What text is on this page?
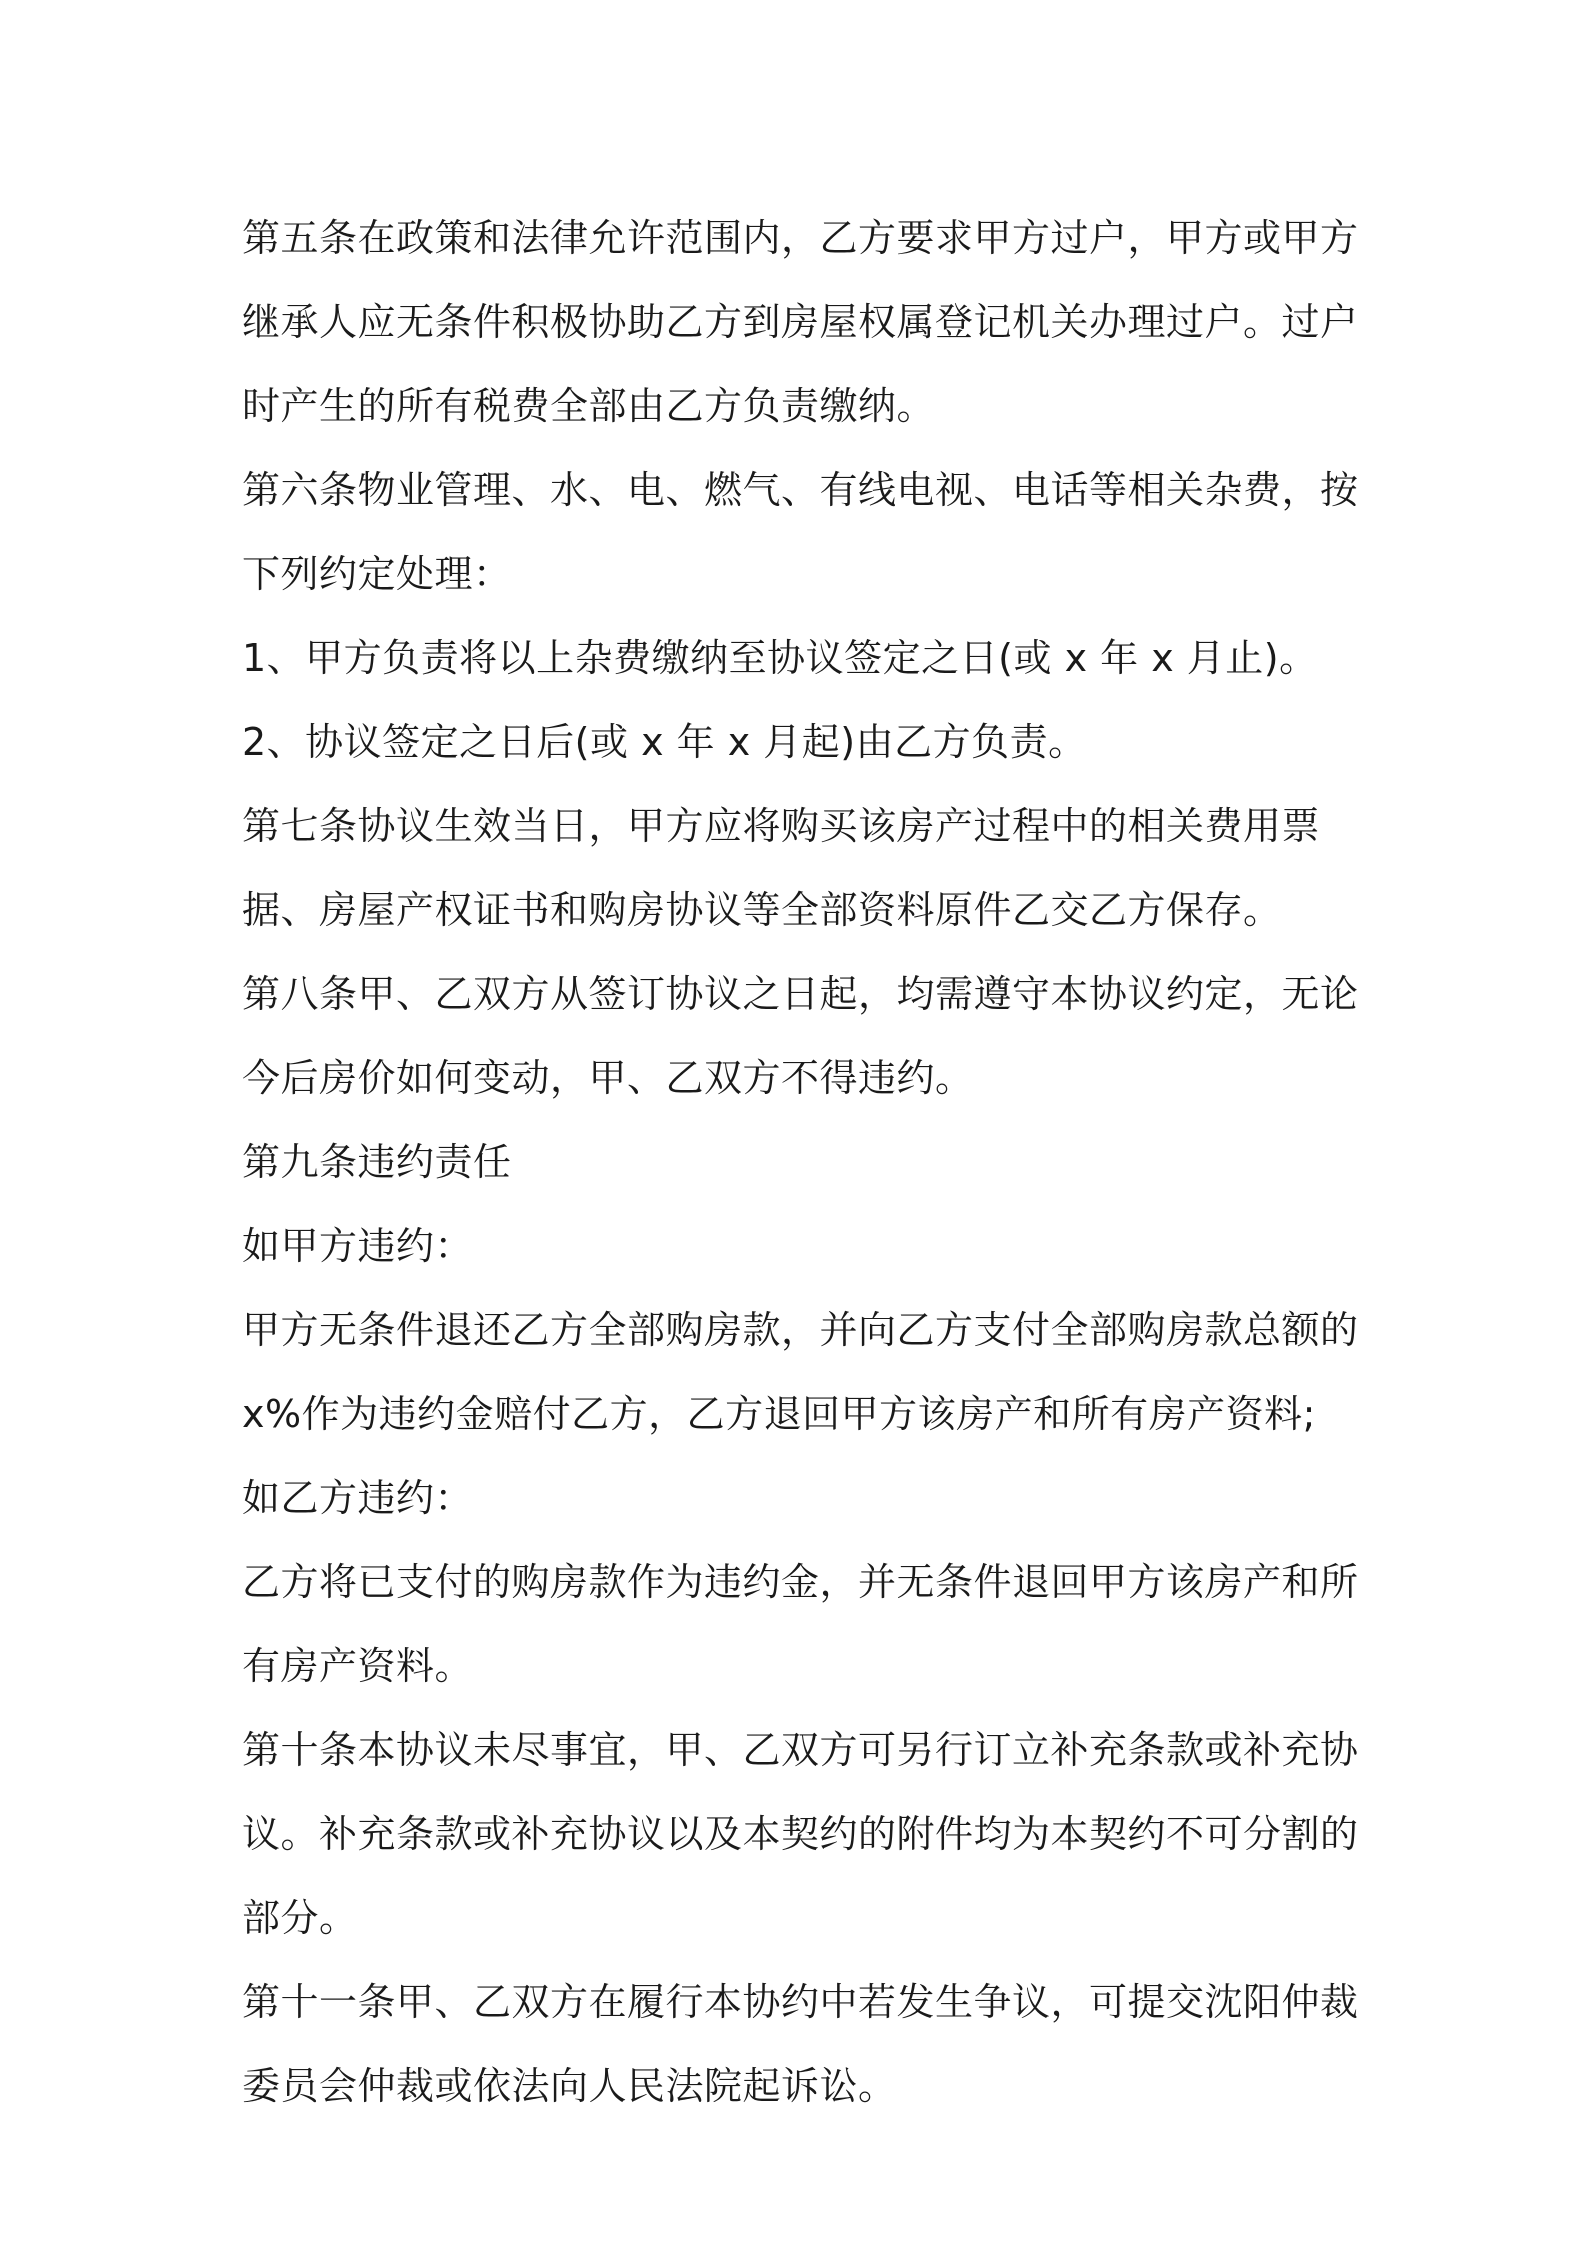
第五条在政策和法律允许范围内，乙方要求甲方过户，甲方或甲方继承人应无条件积极协助乙方到房屋权属登记机关办理过户。过户时产生的所有税费全部由乙方负责缴纳。

第六条物业管理、水、电、燃气、有线电视、电话等相关杂费，按下列约定处理：

1、甲方负责将以上杂费缴纳至协议签定之日(或 x 年 x 月止)。

2、协议签定之日后(或 x 年 x 月起)由乙方负责。

第七条协议生效当日，甲方应将购买该房产过程中的相关费用票据、房屋产权证书和购房协议等全部资料原件乙交乙方保存。

第八条甲、乙双方从签订协议之日起，均需遵守本协议约定，无论今后房价如何变动，甲、乙双方不得违约。

第九条违约责任

如甲方违约：

甲方无条件退还乙方全部购房款，并向乙方支付全部购房款总额的x%作为违约金赔付乙方，乙方退回甲方该房产和所有房产资料;

如乙方违约：

乙方将已支付的购房款作为违约金，并无条件退回甲方该房产和所有房产资料。

第十条本协议未尽事宜，甲、乙双方可另行订立补充条款或补充协议。补充条款或补充协议以及本契约的附件均为本契约不可分割的部分。

第十一条甲、乙双方在履行本协约中若发生争议，可提交沈阳仲裁委员会仲裁或依法向人民法院起诉讼。
